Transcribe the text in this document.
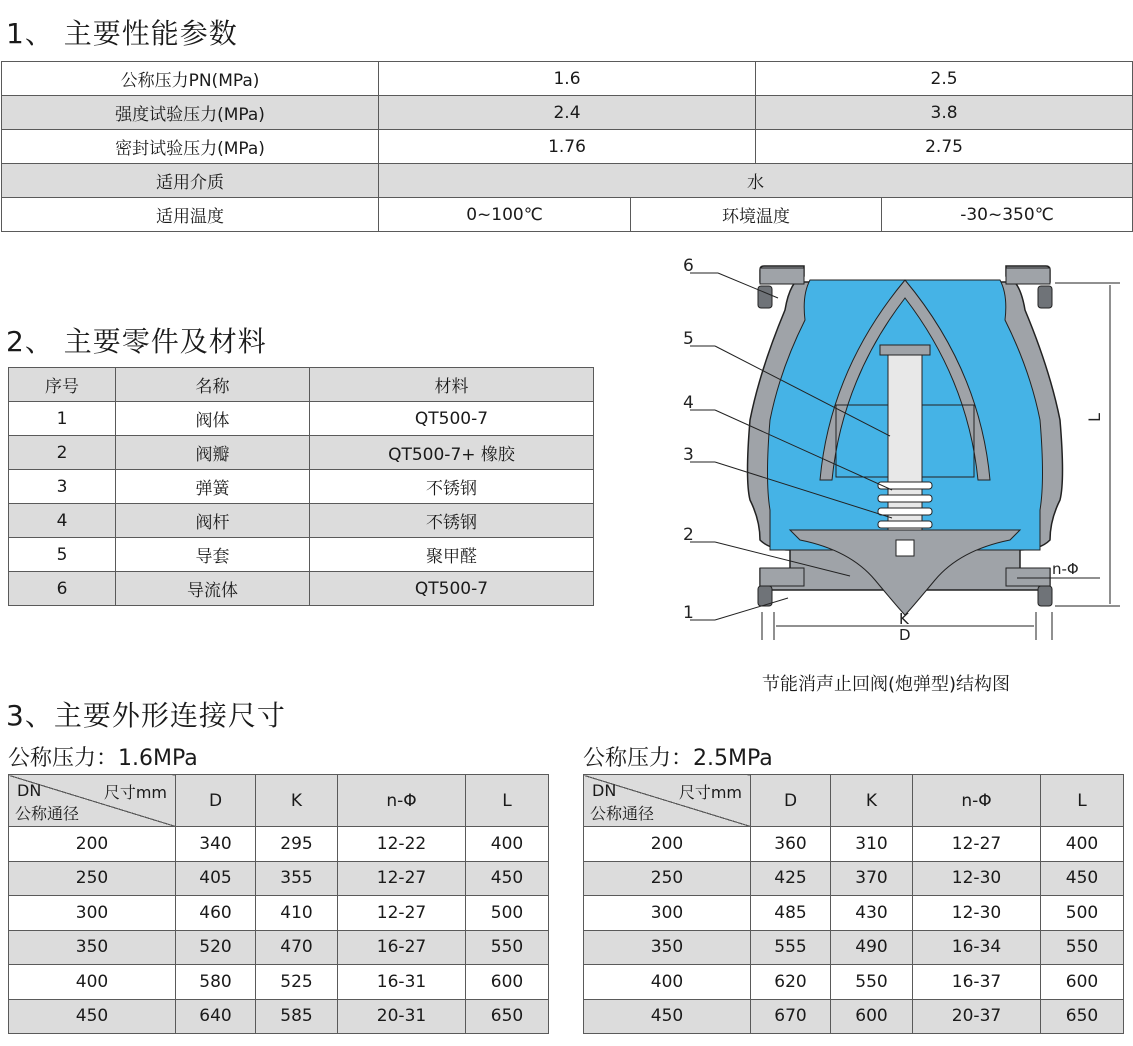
1、 主要性能参数
公称压力PN(MPa)	1.6		2.5	
强度试验压力(MPa)	2.4		3.8	
密封试验压力(MPa)	1.76		2.75	
适用介质	水			
适用温度	0~100℃	环境温度		-30~350℃
2、 主要零件及材料
序号	名称	材料
1	阀体	QT500-7
2	阀瓣	QT500-7+ 橡胶
3	弹簧	不锈钢
4	阀杆	不锈钢
5	导套	聚甲醛
6	导流体	QT500-7
6
5
4
3
2
1
L
K
D
n-Φ
节能消声止回阀(炮弹型)结构图
3、主要外形连接尺寸
公称压力：1.6MPa	公称压力：2.5MPa
DN 尺寸mm
公称通径	D	K	n-Φ	L
200	340	295	12-22	400
250	405	355	12-27	450
300	460	410	12-27	500
350	520	470	16-27	550
400	580	525	16-31	600
450	640	585	20-31	650
DN 尺寸mm
公称通径	D	K	n-Φ	L
200	360	310	12-27	400
250	425	370	12-30	450
300	485	430	12-30	500
350	555	490	16-34	550
400	620	550	16-37	600
450	670	600	20-37	650
